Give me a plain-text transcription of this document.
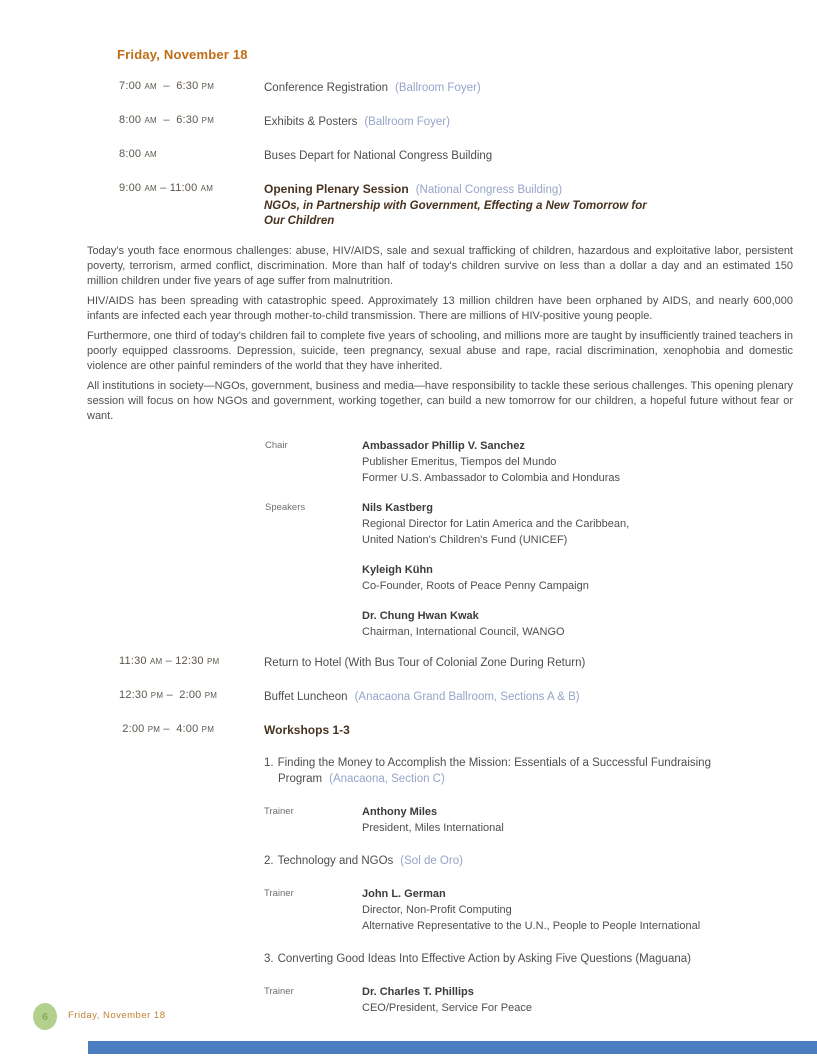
Friday, November 18
7:00 am  –  6:30 pm	Conference Registration (Ballroom Foyer)
8:00 am  –  6:30 pm	Exhibits & Posters (Ballroom Foyer)
8:00 am	Buses Depart for National Congress Building
9:00 am – 11:00 am	Opening Plenary Session (National Congress Building)
NGOs, in Partnership with Government, Effecting a New Tomorrow for Our Children

Today's youth face enormous challenges: abuse, HIV/AIDS, sale and sexual trafficking of children, hazardous and exploitative labor, persistent poverty, terrorism, armed conflict, discrimination. More than half of today's children survive on less than a dollar a day and an estimated 150 million children under five years of age suffer from malnutrition.

HIV/AIDS has been spreading with catastrophic speed. Approximately 13 million children have been orphaned by AIDS, and nearly 600,000 infants are infected each year through mother-to-child transmission. There are millions of HIV-positive young people.

Furthermore, one third of today's children fail to complete five years of schooling, and millions more are taught by insufficiently trained teachers in poorly equipped classrooms. Depression, suicide, teen pregnancy, sexual abuse and rape, racial discrimination, xenophobia and domestic violence are other painful reminders of the world that they have inherited.

All institutions in society—NGOs, government, business and media—have responsibility to tackle these serious challenges. This opening plenary session will focus on how NGOs and government, working together, can build a new tomorrow for our children, a hopeful future without fear or want.

Chair	Ambassador Phillip V. Sanchez
Publisher Emeritus, Tiempos del Mundo
Former U.S. Ambassador to Colombia and Honduras
Speakers	Nils Kastberg
Regional Director for Latin America and the Caribbean,
United Nation's Children's Fund (UNICEF)
Kyleigh Kühn
Co-Founder, Roots of Peace Penny Campaign
Dr. Chung Hwan Kwak
Chairman, International Council, WANGO
11:30 am – 12:30 pm	Return to Hotel (With Bus Tour of Colonial Zone During Return)
12:30 pm –  2:00 pm	Buffet Luncheon (Anacaona Grand Ballroom, Sections A & B)
2:00 pm –  4:00 pm	Workshops 1-3
1. Finding the Money to Accomplish the Mission: Essentials of a Successful Fundraising Program (Anacaona, Section C)
Trainer	Anthony Miles
President, Miles International
2. Technology and NGOs (Sol de Oro)
Trainer	John L. German
Director, Non-Profit Computing
Alternative Representative to the U.N., People to People International
3. Converting Good Ideas Into Effective Action by Asking Five Questions (Maguana)
Trainer	Dr. Charles T. Phillips
CEO/President, Service For Peace
6	Friday, November 18
